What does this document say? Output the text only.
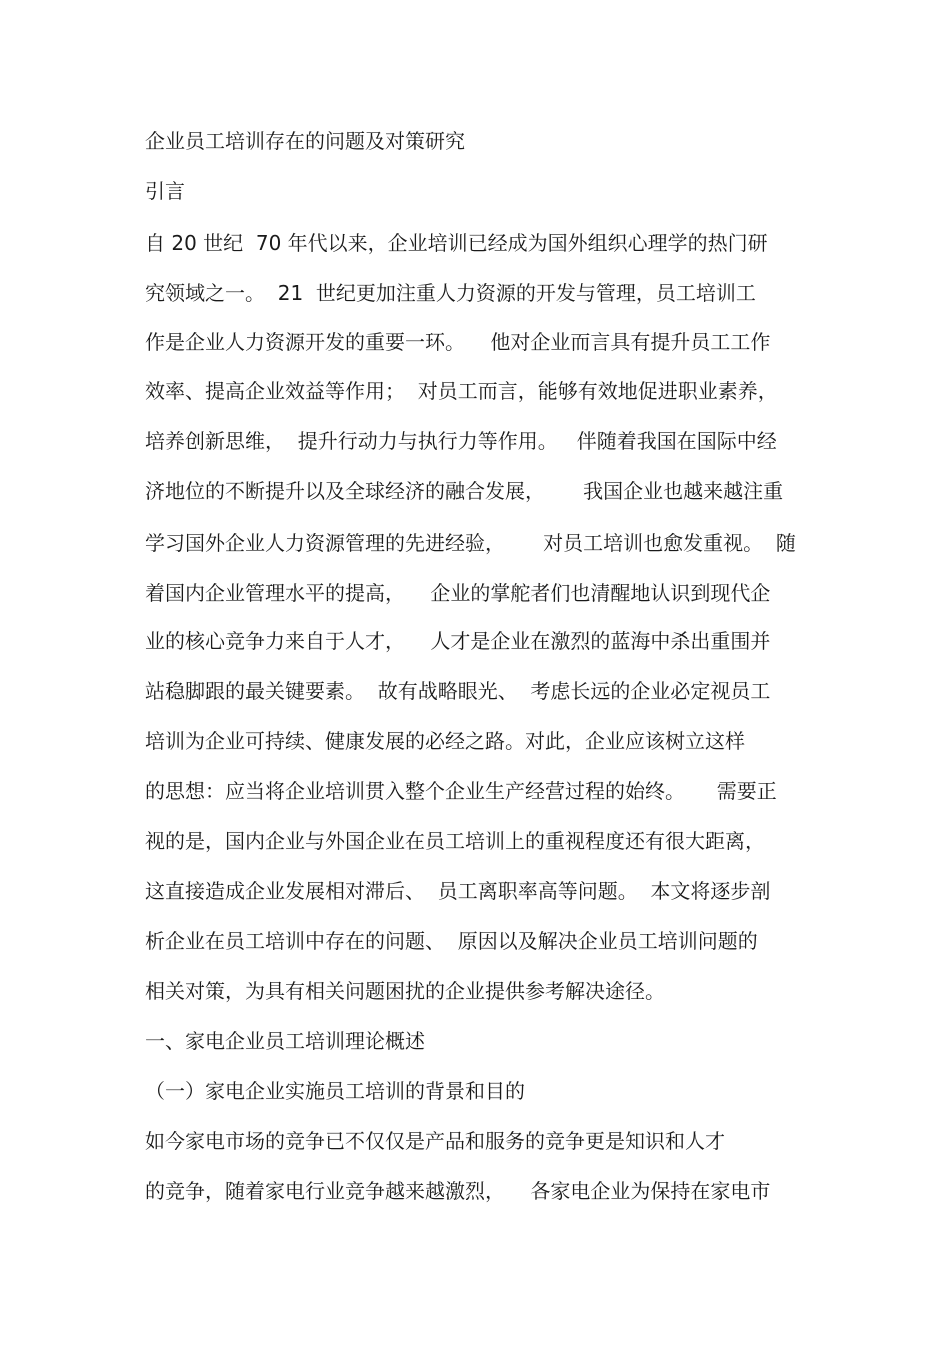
企业员工培训存在的问题及对策研究
引言
自 20 世纪  70 年代以来，企业培训已经成为国外组织心理学的热门研
究领域之一。  21  世纪更加注重人力资源的开发与管理，员工培训工
作是企业人力资源开发的重要一环。    他对企业而言具有提升员工工作
效率、提高企业效益等作用；  对员工而言，能够有效地促进职业素养，
培养创新思维，  提升行动力与执行力等作用。   伴随着我国在国际中经
济地位的不断提升以及全球经济的融合发展，      我国企业也越来越注重
学习国外企业人力资源管理的先进经验，      对员工培训也愈发重视。  随
着国内企业管理水平的提高，    企业的掌舵者们也清醒地认识到现代企
业的核心竞争力来自于人才，    人才是企业在激烈的蓝海中杀出重围并
站稳脚跟的最关键要素。  故有战略眼光、  考虑长远的企业必定视员工
培训为企业可持续、健康发展的必经之路。对此，企业应该树立这样
的思想：应当将企业培训贯入整个企业生产经营过程的始终。     需要正
视的是，国内企业与外国企业在员工培训上的重视程度还有很大距离，
这直接造成企业发展相对滞后、  员工离职率高等问题。  本文将逐步剖
析企业在员工培训中存在的问题、  原因以及解决企业员工培训问题的
相关对策，为具有相关问题困扰的企业提供参考解决途径。
一、家电企业员工培训理论概述
（一）家电企业实施员工培训的背景和目的
如今家电市场的竞争已不仅仅是产品和服务的竞争更是知识和人才
的竞争，随着家电行业竞争越来越激烈，    各家电企业为保持在家电市
